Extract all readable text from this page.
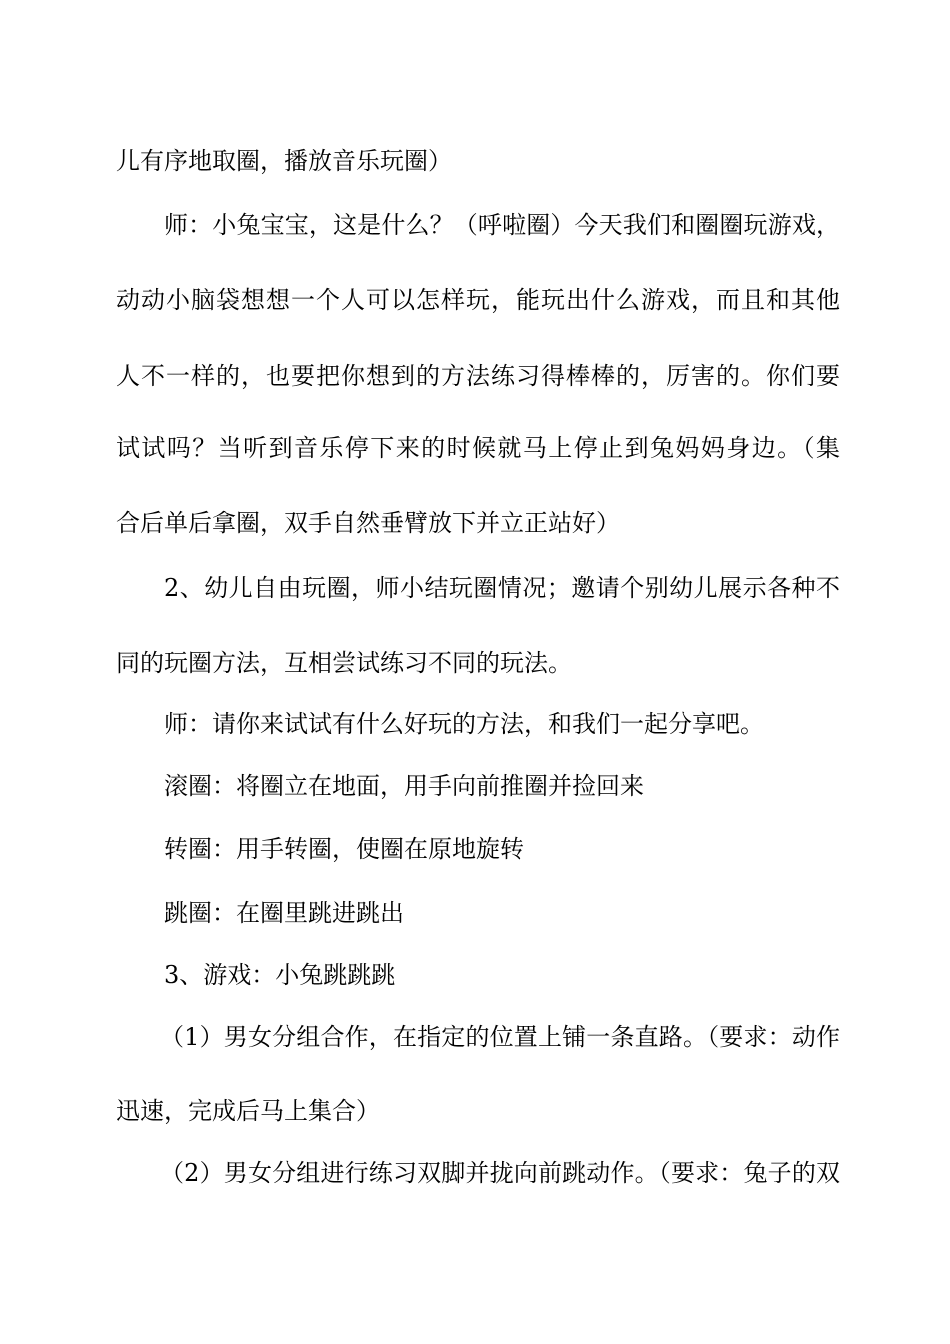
儿有序地取圈，播放音乐玩圈）
师：小兔宝宝，这是什么？（呼啦圈）今天我们和圈圈玩游戏，
动动小脑袋想想一个人可以怎样玩，能玩出什么游戏，而且和其他
人不一样的，也要把你想到的方法练习得棒棒的，厉害的。你们要
试试吗？当听到音乐停下来的时候就马上停止到兔妈妈身边。（集
合后单后拿圈，双手自然垂臂放下并立正站好）
2、幼儿自由玩圈，师小结玩圈情况；邀请个别幼儿展示各种不
同的玩圈方法，互相尝试练习不同的玩法。
师：请你来试试有什么好玩的方法，和我们一起分享吧。
滚圈：将圈立在地面，用手向前推圈并捡回来
转圈：用手转圈，使圈在原地旋转
跳圈：在圈里跳进跳出
3、游戏：小兔跳跳跳
（1）男女分组合作，在指定的位置上铺一条直路。（要求：动作
迅速，完成后马上集合）
（2）男女分组进行练习双脚并拢向前跳动作。（要求：兔子的双
